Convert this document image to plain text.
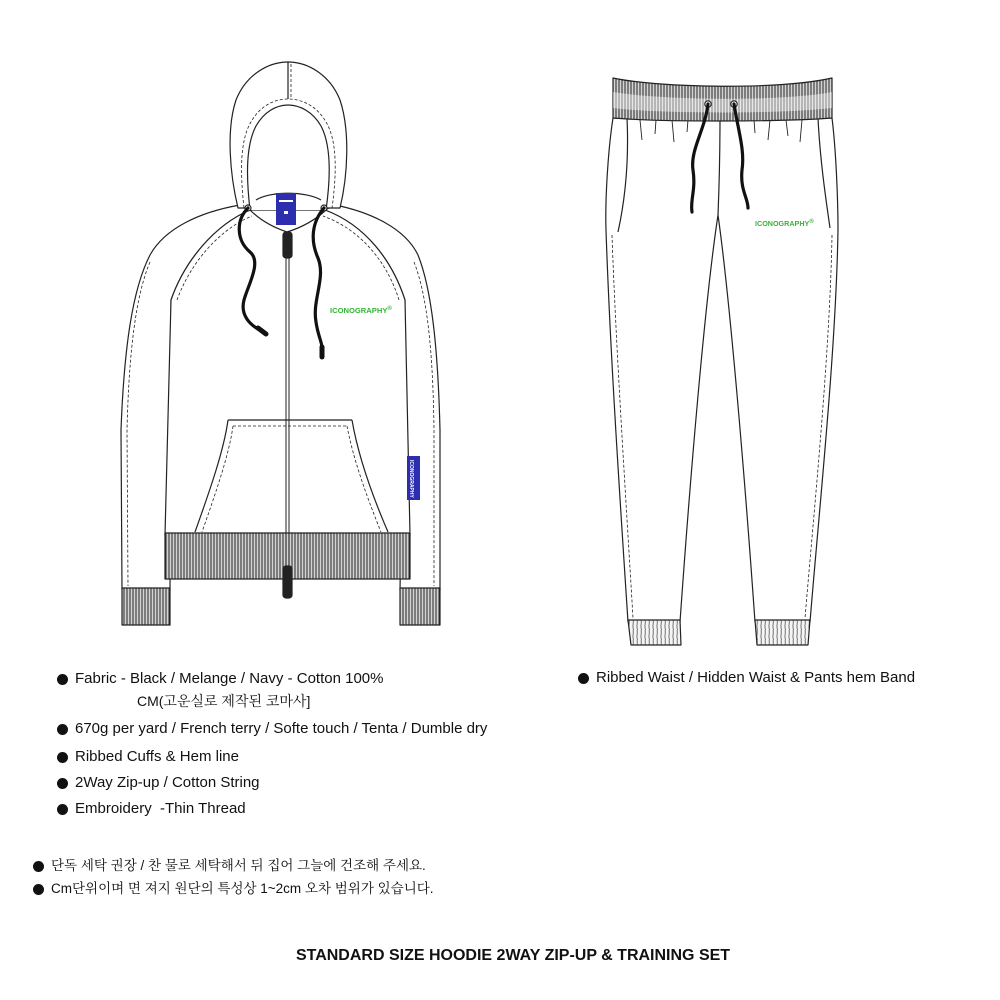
ICONOGRAPHY
ICONOGRAPHY®
ICONOGRAPHY®
Fabric - Black / Melange / Navy - Cotton 100%
CM(고운실로 제작된 코마사]
670g per yard / French terry / Softe touch / Tenta / Dumble dry
Ribbed Cuffs & Hem line
2Way Zip-up / Cotton String
Embroidery  -Thin Thread
Ribbed Waist / Hidden Waist & Pants hem Band
단독 세탁 권장 / 찬 물로 세탁해서 뒤 집어 그늘에 건조해 주세요.
Cm단위이며 면 져지 원단의 특성상 1~2cm 오차 범위가 있습니다.
STANDARD SIZE HOODIE 2WAY ZIP-UP & TRAINING SET
